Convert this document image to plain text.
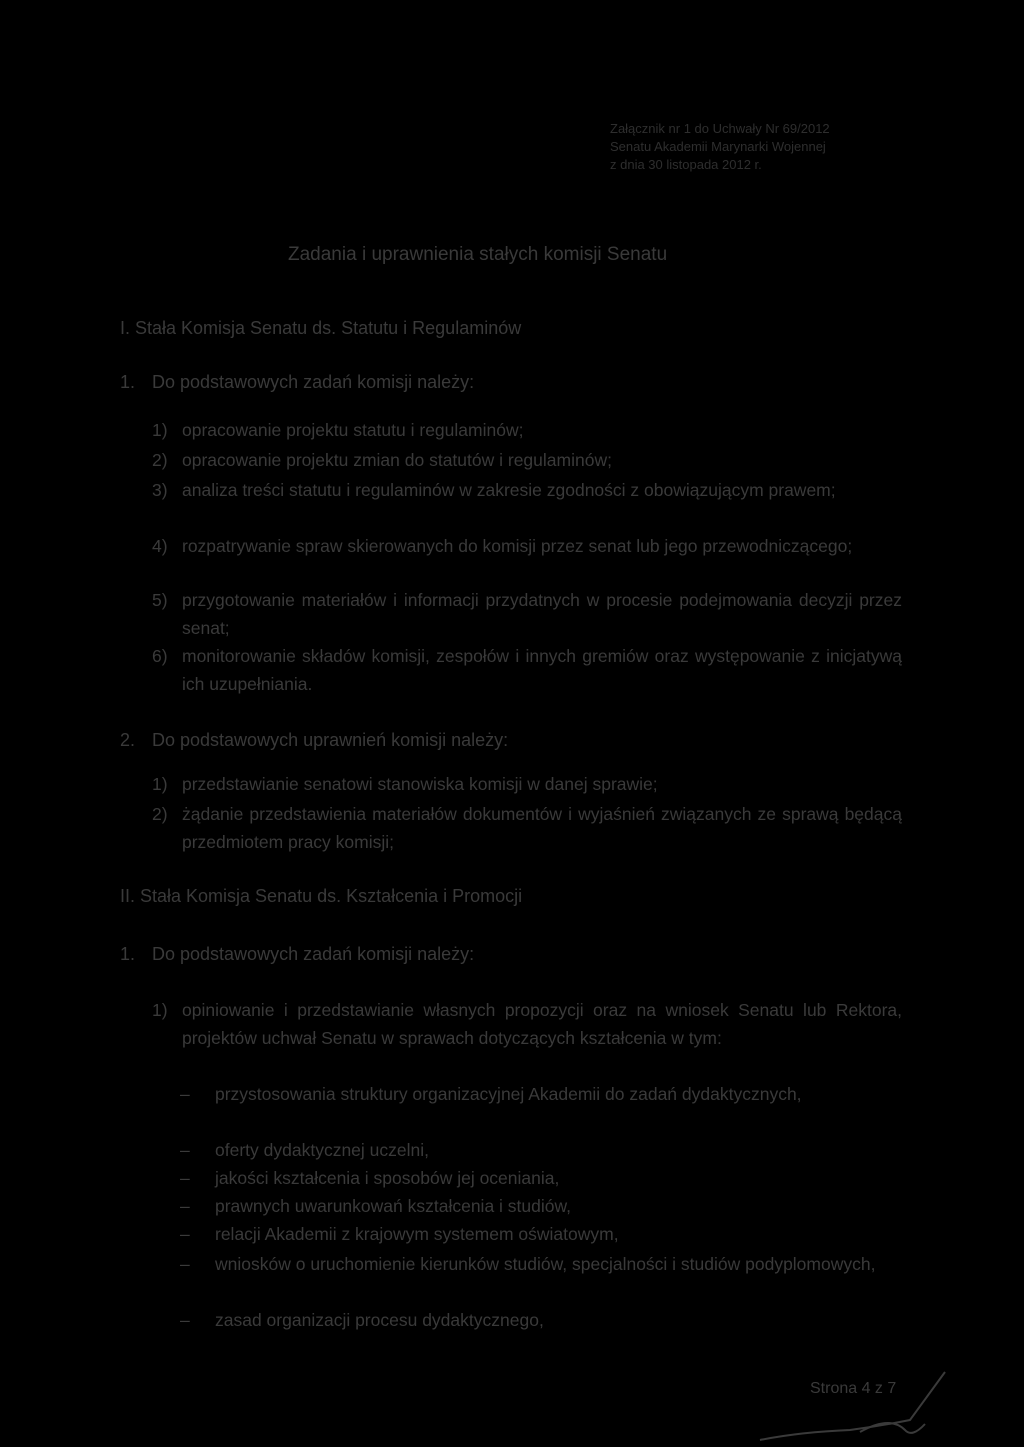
Załącznik nr 1 do Uchwały Nr 69/2012
Senatu Akademii Marynarki Wojennej
z dnia 30 listopada 2012 r.
Zadania i uprawnienia stałych komisji Senatu
I. Stała Komisja Senatu ds. Statutu i Regulaminów
1. Do podstawowych zadań komisji należy:
1) opracowanie projektu statutu i regulaminów;
2) opracowanie projektu zmian do statutów i regulaminów;
3) analiza treści statutu i regulaminów w zakresie zgodności z obowiązującym prawem;
4) rozpatrywanie spraw skierowanych do komisji przez senat lub jego przewodniczącego;
5) przygotowanie materiałów i informacji przydatnych w procesie podejmowania decyzji przez senat;
6) monitorowanie składów komisji, zespołów i innych gremiów oraz występowanie z inicjatywą ich uzupełniania.
2. Do podstawowych uprawnień komisji należy:
1) przedstawianie senatowi stanowiska komisji w danej sprawie;
2) żądanie przedstawienia materiałów dokumentów i wyjaśnień związanych ze sprawą będącą przedmiotem pracy komisji;
II. Stała Komisja Senatu ds. Kształcenia i Promocji
1. Do podstawowych zadań komisji należy:
1) opiniowanie i przedstawianie własnych propozycji oraz na wniosek Senatu lub Rektora, projektów uchwał Senatu w sprawach dotyczących kształcenia w tym:
–	przystosowania struktury organizacyjnej Akademii do zadań dydaktycznych,
–	oferty dydaktycznej uczelni,
–	jakości kształcenia i sposobów jej oceniania,
–	prawnych uwarunkowań kształcenia i studiów,
–	relacji Akademii z krajowym systemem oświatowym,
–	wniosków o uruchomienie kierunków studiów, specjalności i studiów podyplomowych,
–	zasad organizacji procesu dydaktycznego,
Strona 4 z 7
